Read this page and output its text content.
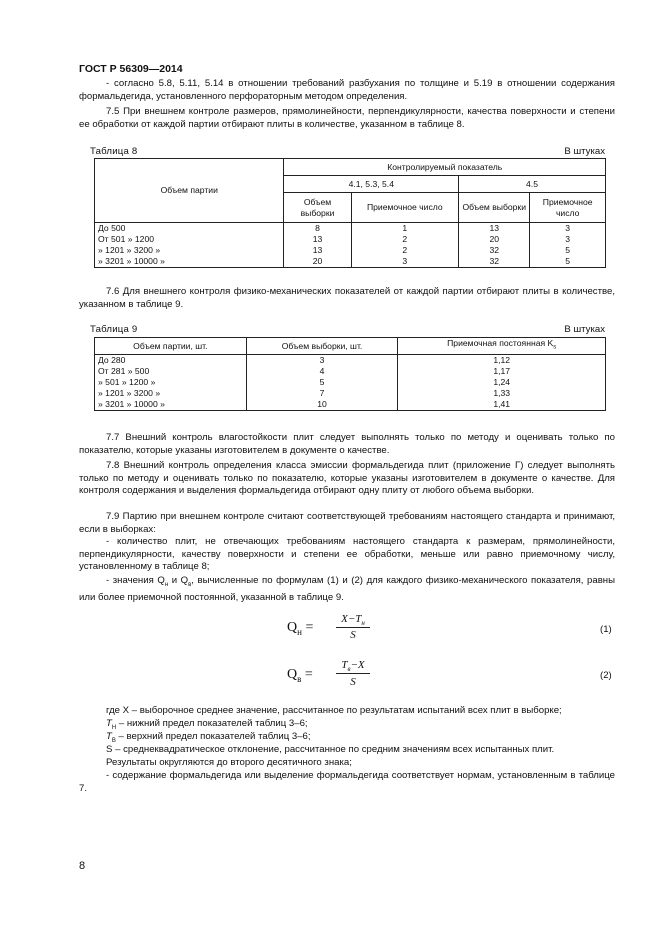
ГОСТ Р 56309—2014
- согласно 5.8, 5.11, 5.14 в отношении требований разбухания по толщине и 5.19 в отношении содержания формальдегида, установленного перфораторным методом определения.
7.5 При внешнем контроле размеров, прямолинейности, перпендикулярности, качества поверхности и степени ее обработки от каждой партии отбирают плиты в количестве, указанном в таблице 8.
Таблица 8	В штуках
Объем партии	Контролируемый показатель			
	4.1, 5.3, 5.4		4.5	
	Объем выборки	Приемочное число	Объем выборки	Приемочное число
До 500	8	1	13	3
От 501 » 1200	13	2	20	3
» 1201 » 3200 »	13	2	32	5
» 3201 » 10000 »	20	3	32	5
7.6 Для внешнего контроля физико-механических показателей от каждой партии отбирают плиты в количестве, указанном в таблице 9.
Таблица 9	В штуках
Объем партии, шт.	Объем выборки, шт.	Приемочная постоянная $K_s$
До 280	3	1,12
От 281 » 500	4	1,17
» 501 » 1200 »	5	1,24
» 1201 » 3200 »	7	1,33
» 3201 » 10000 »	10	1,41
7.7 Внешний контроль влагостойкости плит следует выполнять только по методу и оценивать только по показателю, которые указаны изготовителем в документе о качестве.
7.8 Внешний контроль определения класса эмиссии формальдегида плит (приложение Г) следует выполнять только по методу и оценивать только по показателю, которые указаны изготовителем в документе о качестве. Для контроля содержания и выделения формальдегида отбирают одну плиту от любого объема выборки.
7.9 Партию при внешнем контроле считают соответствующей требованиям настоящего стандарта и принимают, если в выборках:
- количество плит, не отвечающих требованиям настоящего стандарта к размерам, прямолинейности, перпендикулярности, качеству поверхности и степени ее обработки, меньше или равно приемочному числу, установленному в таблице 8;
- значения $Q_н$ и $Q_в$, вычисленные по формулам (1) и (2) для каждого физико-механического показателя, равны или более приемочной постоянной, указанной в таблице 9.
$Q_н$ =
$X-T_н$
S	(1)
$Q_в$ =
$T_в-X$
S
(2)
где X – выборочное среднее значение, рассчитанное по результатам испытаний всех плит в выборке;
$T_Н$ – нижний предел показателей таблиц 3–6;
$T_В$ – верхний предел показателей таблиц 3–6;
S – среднеквадратическое отклонение, рассчитанное по средним значениям всех испытанных плит.
Результаты округляются до второго десятичного знака;
- содержание формальдегида или выделение формальдегида соответствует нормам, установленным в таблице 7.
8
